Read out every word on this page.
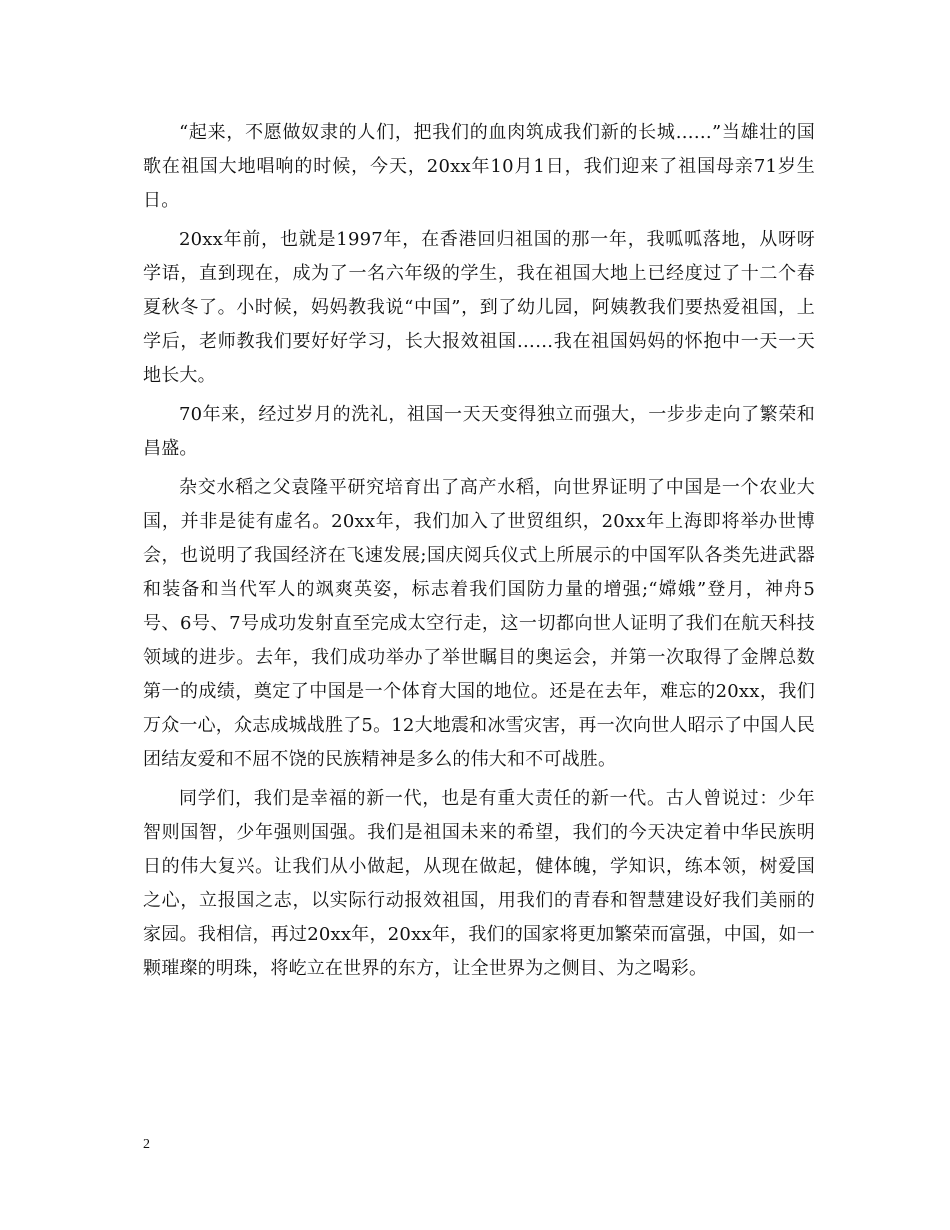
“起来，不愿做奴隶的人们，把我们的血肉筑成我们新的长城……”当雄壮的国歌在祖国大地唱响的时候，今天，20xx年10月1日，我们迎来了祖国母亲71岁生日。

20xx年前，也就是1997年，在香港回归祖国的那一年，我呱呱落地，从呀呀学语，直到现在，成为了一名六年级的学生，我在祖国大地上已经度过了十二个春夏秋冬了。小时候，妈妈教我说“中国”，到了幼儿园，阿姨教我们要热爱祖国，上学后，老师教我们要好好学习，长大报效祖国……我在祖国妈妈的怀抱中一天一天地长大。

70年来，经过岁月的洗礼，祖国一天天变得独立而强大，一步步走向了繁荣和昌盛。

杂交水稻之父袁隆平研究培育出了高产水稻，向世界证明了中国是一个农业大国，并非是徒有虚名。20xx年，我们加入了世贸组织，20xx年上海即将举办世博会，也说明了我国经济在飞速发展;国庆阅兵仪式上所展示的中国军队各类先进武器和装备和当代军人的飒爽英姿，标志着我们国防力量的增强;“嫦娥”登月，神舟5号、6号、7号成功发射直至完成太空行走，这一切都向世人证明了我们在航天科技领域的进步。去年，我们成功举办了举世瞩目的奥运会，并第一次取得了金牌总数第一的成绩，奠定了中国是一个体育大国的地位。还是在去年，难忘的20xx，我们万众一心，众志成城战胜了5。12大地震和冰雪灾害，再一次向世人昭示了中国人民团结友爱和不屈不饶的民族精神是多么的伟大和不可战胜。

同学们，我们是幸福的新一代，也是有重大责任的新一代。古人曾说过：少年智则国智，少年强则国强。我们是祖国未来的希望，我们的今天决定着中华民族明日的伟大复兴。让我们从小做起，从现在做起，健体魄，学知识，练本领，树爱国之心，立报国之志，以实际行动报效祖国，用我们的青春和智慧建设好我们美丽的家园。我相信，再过20xx年，20xx年，我们的国家将更加繁荣而富强，中国，如一颗璀璨的明珠，将屹立在世界的东方，让全世界为之侧目、为之喝彩。

2
